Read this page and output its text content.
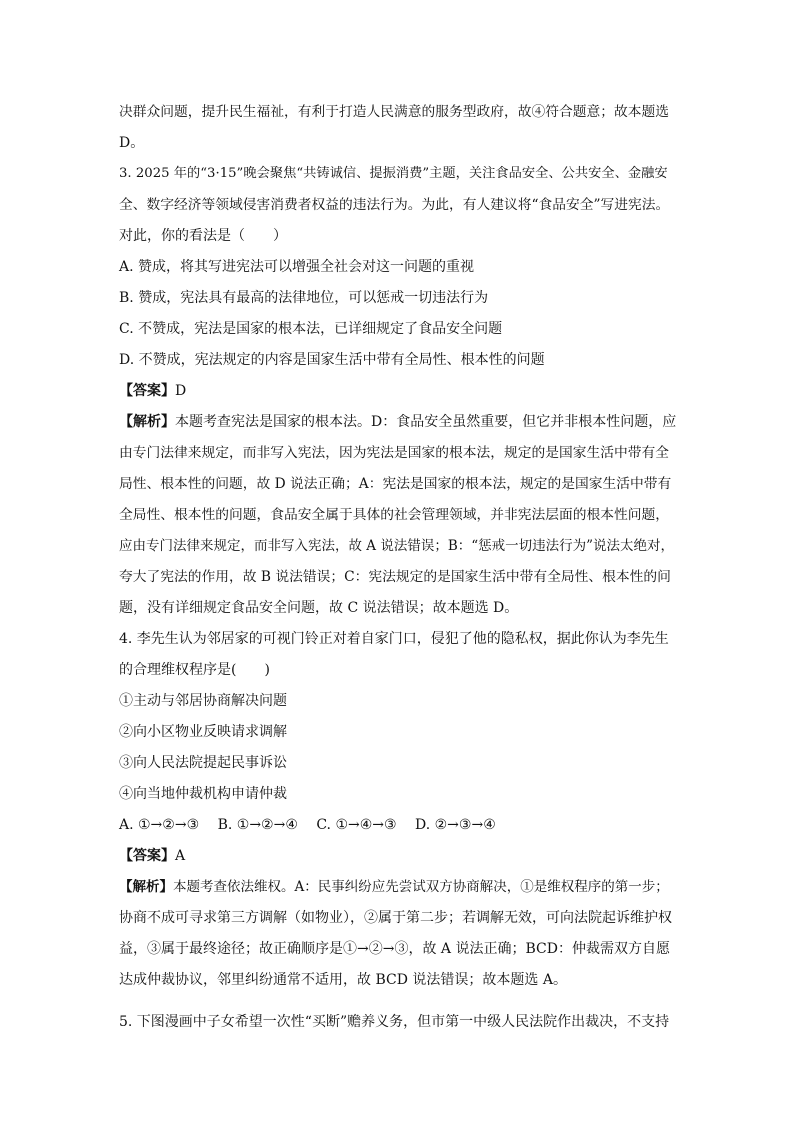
决群众问题，提升民生福祉，有利于打造人民满意的服务型政府，故④符合题意；故本题选
D。
3. 2025 年的“3·15”晚会聚焦“共铸诚信、提振消费”主题，关注食品安全、公共安全、金融安
全、数字经济等领域侵害消费者权益的违法行为。为此，有人建议将“食品安全”写进宪法。
对此，你的看法是（　　）
A. 赞成，将其写进宪法可以增强全社会对这一问题的重视
B. 赞成，宪法具有最高的法律地位，可以惩戒一切违法行为
C. 不赞成，宪法是国家的根本法，已详细规定了食品安全问题
D. 不赞成，宪法规定的内容是国家生活中带有全局性、根本性的问题
【答案】D
【解析】本题考查宪法是国家的根本法。D：食品安全虽然重要，但它并非根本性问题，应
由专门法律来规定，而非写入宪法，因为宪法是国家的根本法，规定的是国家生活中带有全
局性、根本性的问题，故 D 说法正确；A：宪法是国家的根本法，规定的是国家生活中带有
全局性、根本性的问题，食品安全属于具体的社会管理领域，并非宪法层面的根本性问题，
应由专门法律来规定，而非写入宪法，故 A 说法错误；B：“惩戒一切违法行为”说法太绝对，
夸大了宪法的作用，故 B 说法错误；C：宪法规定的是国家生活中带有全局性、根本性的问
题，没有详细规定食品安全问题，故 C 说法错误；故本题选 D。
4. 李先生认为邻居家的可视门铃正对着自家门口，侵犯了他的隐私权，据此你认为李先生
的合理维权程序是(　　)
①主动与邻居协商解决问题
②向小区物业反映请求调解
③向人民法院提起民事诉讼
④向当地仲裁机构申请仲裁
A. ①→②→③　 B. ①→②→④　 C. ①→④→③　 D. ②→③→④
【答案】A
【解析】本题考查依法维权。A：民事纠纷应先尝试双方协商解决，①是维权程序的第一步；
协商不成可寻求第三方调解（如物业），②属于第二步；若调解无效，可向法院起诉维护权
益，③属于最终途径；故正确顺序是①→②→③，故 A 说法正确；BCD：仲裁需双方自愿
达成仲裁协议，邻里纠纷通常不适用，故 BCD 说法错误；故本题选 A。
5. 下图漫画中子女希望一次性“买断”赡养义务，但市第一中级人民法院作出裁决，不支持
